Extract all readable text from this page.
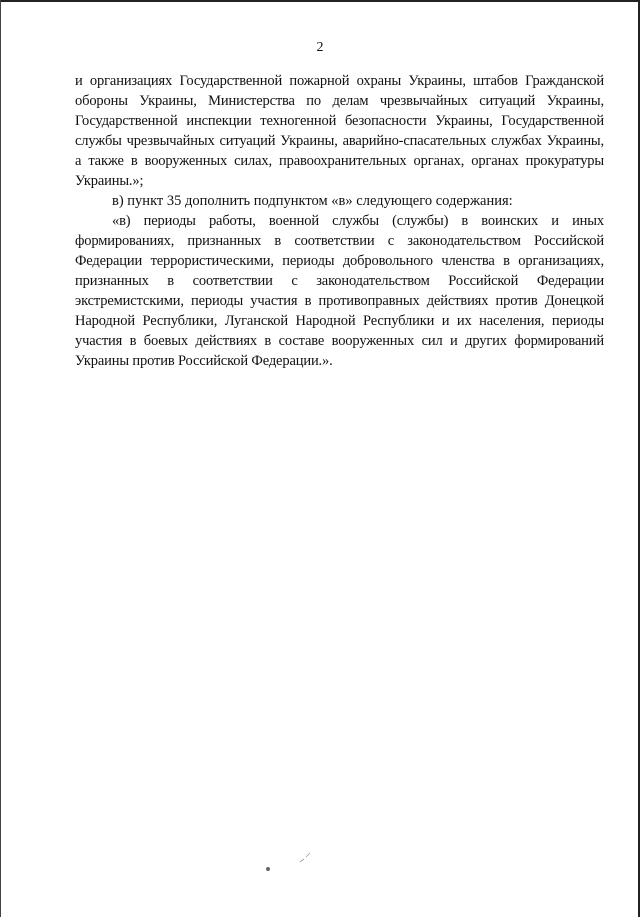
2

и организациях Государственной пожарной охраны Украины, штабов Гражданской обороны Украины, Министерства по делам чрезвычайных ситуаций Украины, Государственной инспекции техногенной безопасности Украины, Государственной службы чрезвычайных ситуаций Украины, аварийно-спасательных службах Украины, а также в вооруженных силах, правоохранительных органах, органах прокуратуры Украины.»;

в) пункт 35 дополнить подпунктом «в» следующего содержания:

«в) периоды работы, военной службы (службы) в воинских и иных формированиях, признанных в соответствии с законодательством Российской Федерации террористическими, периоды добровольного членства в организациях, признанных в соответствии с законодательством Российской Федерации экстремистскими, периоды участия в противоправных действиях против Донецкой Народной Республики, Луганской Народной Республики и их населения, периоды участия в боевых действиях в составе вооруженных сил и других формирований Украины против Российской Федерации.».
